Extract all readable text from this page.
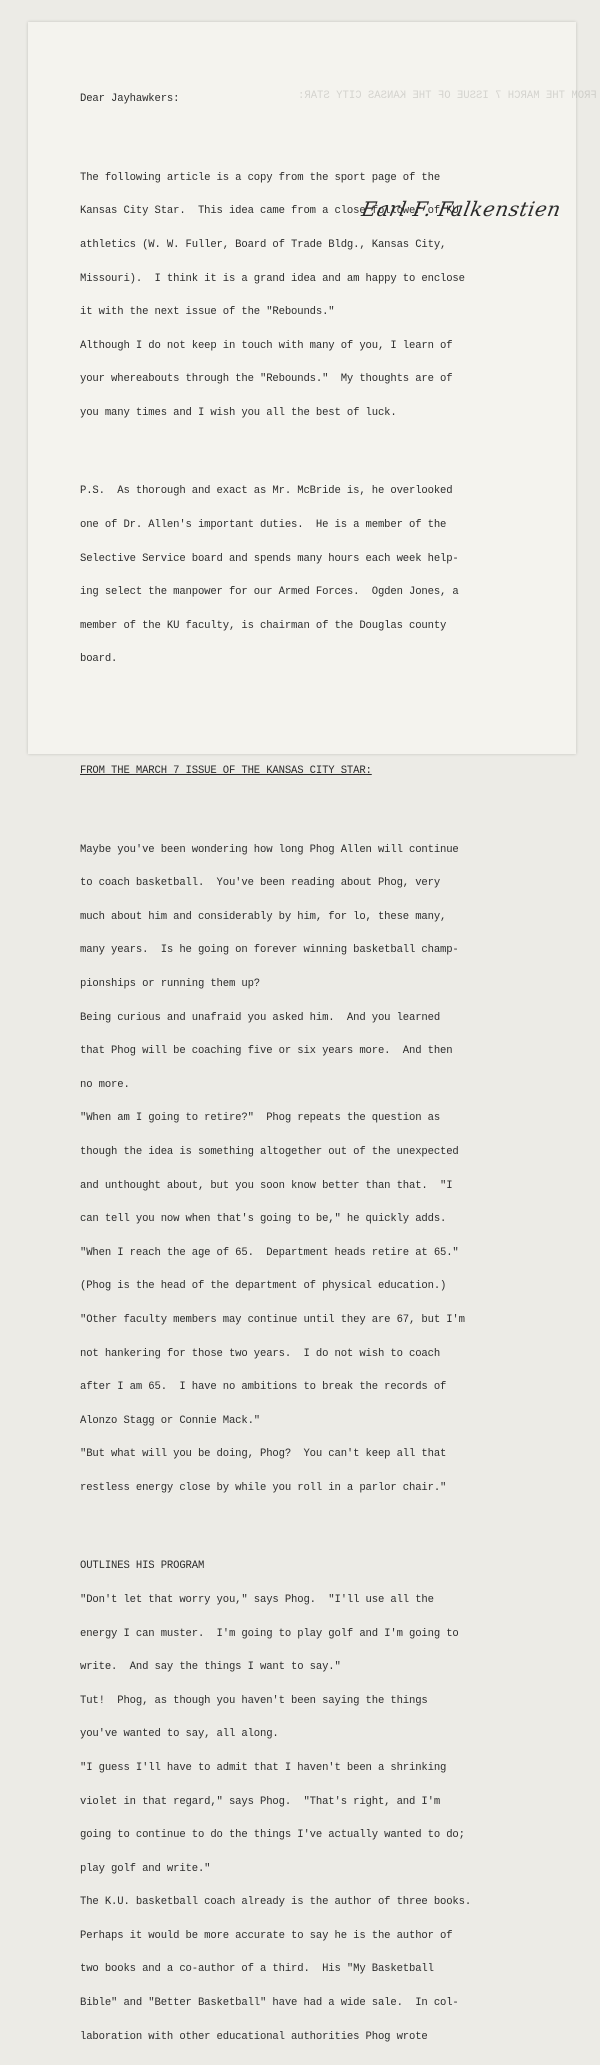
FROM THE MARCH 7 ISSUE OF THE KANSAS CITY STAR:
Earl F. Falkenstien

Dear Jayhawkers:

The following article is a copy from the sport page of the

Kansas City Star.  This idea came from a close follower of KU

athletics (W. W. Fuller, Board of Trade Bldg., Kansas City,

Missouri).  I think it is a grand idea and am happy to enclose

it with the next issue of the "Rebounds."

Although I do not keep in touch with many of you, I learn of

your whereabouts through the "Rebounds."  My thoughts are of

you many times and I wish you all the best of luck.

P.S.  As thorough and exact as Mr. McBride is, he overlooked

one of Dr. Allen's important duties.  He is a member of the

Selective Service board and spends many hours each week help-

ing select the manpower for our Armed Forces.  Ogden Jones, a

member of the KU faculty, is chairman of the Douglas county

board.

FROM THE MARCH 7 ISSUE OF THE KANSAS CITY STAR:

Maybe you've been wondering how long Phog Allen will continue

to coach basketball.  You've been reading about Phog, very

much about him and considerably by him, for lo, these many,

many years.  Is he going on forever winning basketball champ-

pionships or running them up?

Being curious and unafraid you asked him.  And you learned

that Phog will be coaching five or six years more.  And then

no more.

"When am I going to retire?"  Phog repeats the question as

though the idea is something altogether out of the unexpected

and unthought about, but you soon know better than that.  "I

can tell you now when that's going to be," he quickly adds.

"When I reach the age of 65.  Department heads retire at 65."

(Phog is the head of the department of physical education.)

"Other faculty members may continue until they are 67, but I'm

not hankering for those two years.  I do not wish to coach

after I am 65.  I have no ambitions to break the records of

Alonzo Stagg or Connie Mack."

"But what will you be doing, Phog?  You can't keep all that

restless energy close by while you roll in a parlor chair."

OUTLINES HIS PROGRAM

"Don't let that worry you," says Phog.  "I'll use all the

energy I can muster.  I'm going to play golf and I'm going to

write.  And say the things I want to say."

Tut!  Phog, as though you haven't been saying the things

you've wanted to say, all along.

"I guess I'll have to admit that I haven't been a shrinking

violet in that regard," says Phog.  "That's right, and I'm

going to continue to do the things I've actually wanted to do;

play golf and write."

The K.U. basketball coach already is the author of three books.

Perhaps it would be more accurate to say he is the author of

two books and a co-author of a third.  His "My Basketball

Bible" and "Better Basketball" have had a wide sale.  In col-

laboration with other educational authorities Phog wrote
